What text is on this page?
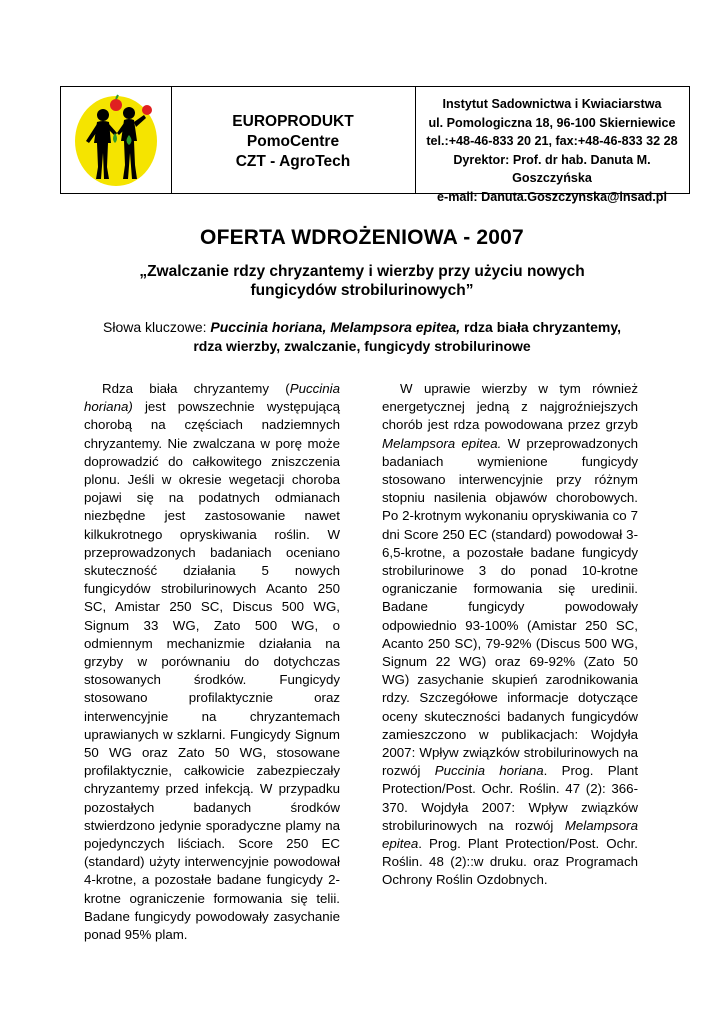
EUROPRODUKT
PomoCentre
CZT - AgroTech
Instytut Sadownictwa i Kwiaciarstwa
ul. Pomologiczna 18, 96-100 Skierniewice
tel.:+48-46-833 20 21, fax:+48-46-833 32 28
Dyrektor: Prof. dr hab. Danuta M. Goszczyńska
e-mail: Danuta.Goszczynska@insad.pl
OFERTA WDROŻENIOWA - 2007
„Zwalczanie rdzy chryzantemy i wierzby przy użyciu nowych
fungicydów strobilurinowych”
Słowa kluczowe: Puccinia horiana, Melampsora epitea, rdza biała chryzantemy,
rdza wierzby, zwalczanie, fungicydy strobilurinowe

Rdza biała chryzantemy (Puccinia horiana) jest powszechnie występującą chorobą na częściach nadziemnych chryzantemy. Nie zwalczana w porę może doprowadzić do całkowitego zniszczenia plonu. Jeśli w okresie wegetacji choroba pojawi się na podatnych odmianach niezbędne jest zastosowanie nawet kilkukrotnego opryskiwania roślin. W przeprowadzonych badaniach oceniano skuteczność działania 5 nowych fungicydów strobilurinowych Acanto 250 SC, Amistar 250 SC, Discus 500 WG, Signum 33 WG, Zato 500 WG, o odmiennym mechanizmie działania na grzyby w porównaniu do dotychczas stosowanych środków. Fungicydy stosowano profilaktycznie oraz interwencyjnie na chryzantemach uprawianych w szklarni. Fungicydy Signum 50 WG oraz Zato 50 WG, stosowane profilaktycznie, całkowicie zabezpieczały chryzantemy przed infekcją. W przypadku pozostałych badanych środków stwierdzono jedynie sporadyczne plamy na pojedynczych liściach. Score 250 EC (standard) użyty interwencyjnie powodował 4-krotne, a pozostałe badane fungicydy 2-krotne ograniczenie formowania się telii. Badane fungicydy powodowały zasychanie ponad 95% plam.

W uprawie wierzby w tym również energetycznej jedną z najgroźniejszych chorób jest rdza powodowana przez grzyb Melampsora epitea. W przeprowadzonych badaniach wymienione fungicydy stosowano interwencyjnie przy różnym stopniu nasilenia objawów chorobowych. Po 2-krotnym wykonaniu opryskiwania co 7 dni Score 250 EC (standard) powodował 3-6,5-krotne, a pozostałe badane fungicydy strobilurinowe 3 do ponad 10-krotne ograniczanie formowania się uredinii. Badane fungicydy powodowały odpowiednio 93-100% (Amistar 250 SC, Acanto 250 SC), 79-92% (Discus 500 WG, Signum 22 WG) oraz 69-92% (Zato 50 WG) zasychanie skupień zarodnikowania rdzy. Szczegółowe informacje dotyczące oceny skuteczności badanych fungicydów zamieszczono w publikacjach: Wojdyła 2007: Wpływ związków strobilurinowych na rozwój Puccinia horiana. Prog. Plant Protection/Post. Ochr. Roślin. 47 (2): 366-370. Wojdyła 2007: Wpływ związków strobilurinowych na rozwój Melampsora epitea. Prog. Plant Protection/Post. Ochr. Roślin. 48 (2)::w druku. oraz Programach Ochrony Roślin Ozdobnych.
